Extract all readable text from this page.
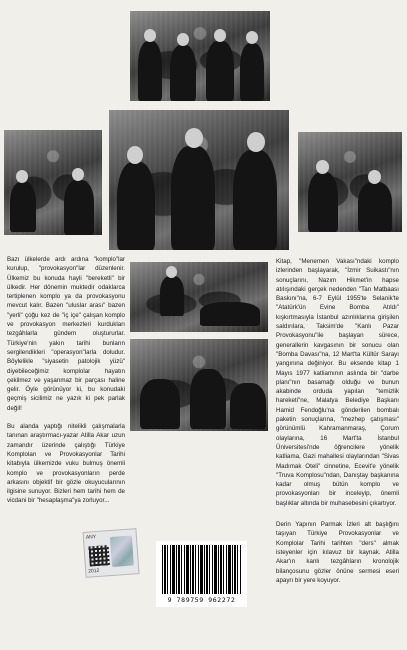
Bazı ülkelerde ardı ardına "komplo"lar kuruluр, "provokasyon"lar düzenlenir. Ülkemiz bu konuda hayli "bereketli" bir ülkedir. Her dönemin muktedir odaklarca tertiplenen komplo ya da provokasyonu mevcut kalır. Bazen "uluslar arası" bazen "yerli" çoğu kez de "iç içe" çalışan komplo ve provokasyon merkezleri kurdukları tezgâhlarla gündem oluştururlar. Türkiye'nin yakın tarihi bunların sergilendikleri "operasyon"larla doludur. Böylelikle "siyasetin patolojik yüzü" diyebileceğimiz komplolar hayatın çekilmez ve yaşanmaz bir parçası haline gelir. Öyle görünüyor ki, bu konudaki geçmiş sicilimiz ne yazık ki pek parlak değil!

Bu alanda yaptığı nitelikli çalışmalarla tanınan araştırmacı-yazar Atilla Akar uzun zamandır üzerinde çalıştığı Türkiye Komploları ve Provokasyonlar Tarihi kitabıyla ülkemizde vuku bulmuş önemli komplo ve provokasyonların perde arkasını objektif bir gözle okuyucularının ilgisine sunuyor. Bizleri hem tarihi hem de vicdani bir "hesaplaşma"ya zorluyor...

Kitap, "Menemen Vakası"ndaki komplo izlerinden başlayarak, "İzmir Suikastı"nın sonuçlarını, Nazım Hikmet'in hapse atılışındaki gerçek nedenden "Tan Matbaası Baskını"na, 6-7 Eylül 1955'te Selanik'te "Atatürk'ün Evine Bomba Atıldı" kışkırtmasıyla İstanbul azınlıklarına girişilen saldırılara, Taksim'de "Kanlı Pazar Provokasyonu"ile başlayan sürece, generallerin kavgasının bir sonucu olan "Bomba Davası"na, 12 Mart'ta Kültür Sarayı yangınına değiniyor. Bu eksende kitap 1 Mayıs 1977 katliamının aslında bir "darbe planı"nın basamağı olduğu ve bunun akabinde orduda yapılan "temizlik hareketi"ne, Malatya Belediye Başkanı Hamid Fendoğlu'na gönderilen bombalı paketin sonuçlarına, "mezhep çatışması" görünümlü Kahramanmaraş, Çorum olaylarına, 16 Mart'ta İstanbul Üniversitesi'nde öğrencilere yönelik katliama, Gazi mahallesi olaylarından "Sivas Madımak Oteli" cinnetine, Ecevit'e yönelik "Truva Komplosu"ndan, Danıştay başkanına kadar olmuş bütün komplo ve provokasyonları bir inceleyip, önemli başlıklar altında bir muhasebesini çıkartıyor.

Derin Yapının Parmak İzleri alt başlığını taşıyan Türkiye Provokasyonlar ve Komplolar Tarihi tarihten "ders" almak isteyenler için kılavuz bir kaynak. Atilla Akar'ın kanlı tezgâhların kronolojik bilançosunu gözler önüne sermesi eseri apayrı bir yere koyuyor.

ANY
2012
9 789759 962272
